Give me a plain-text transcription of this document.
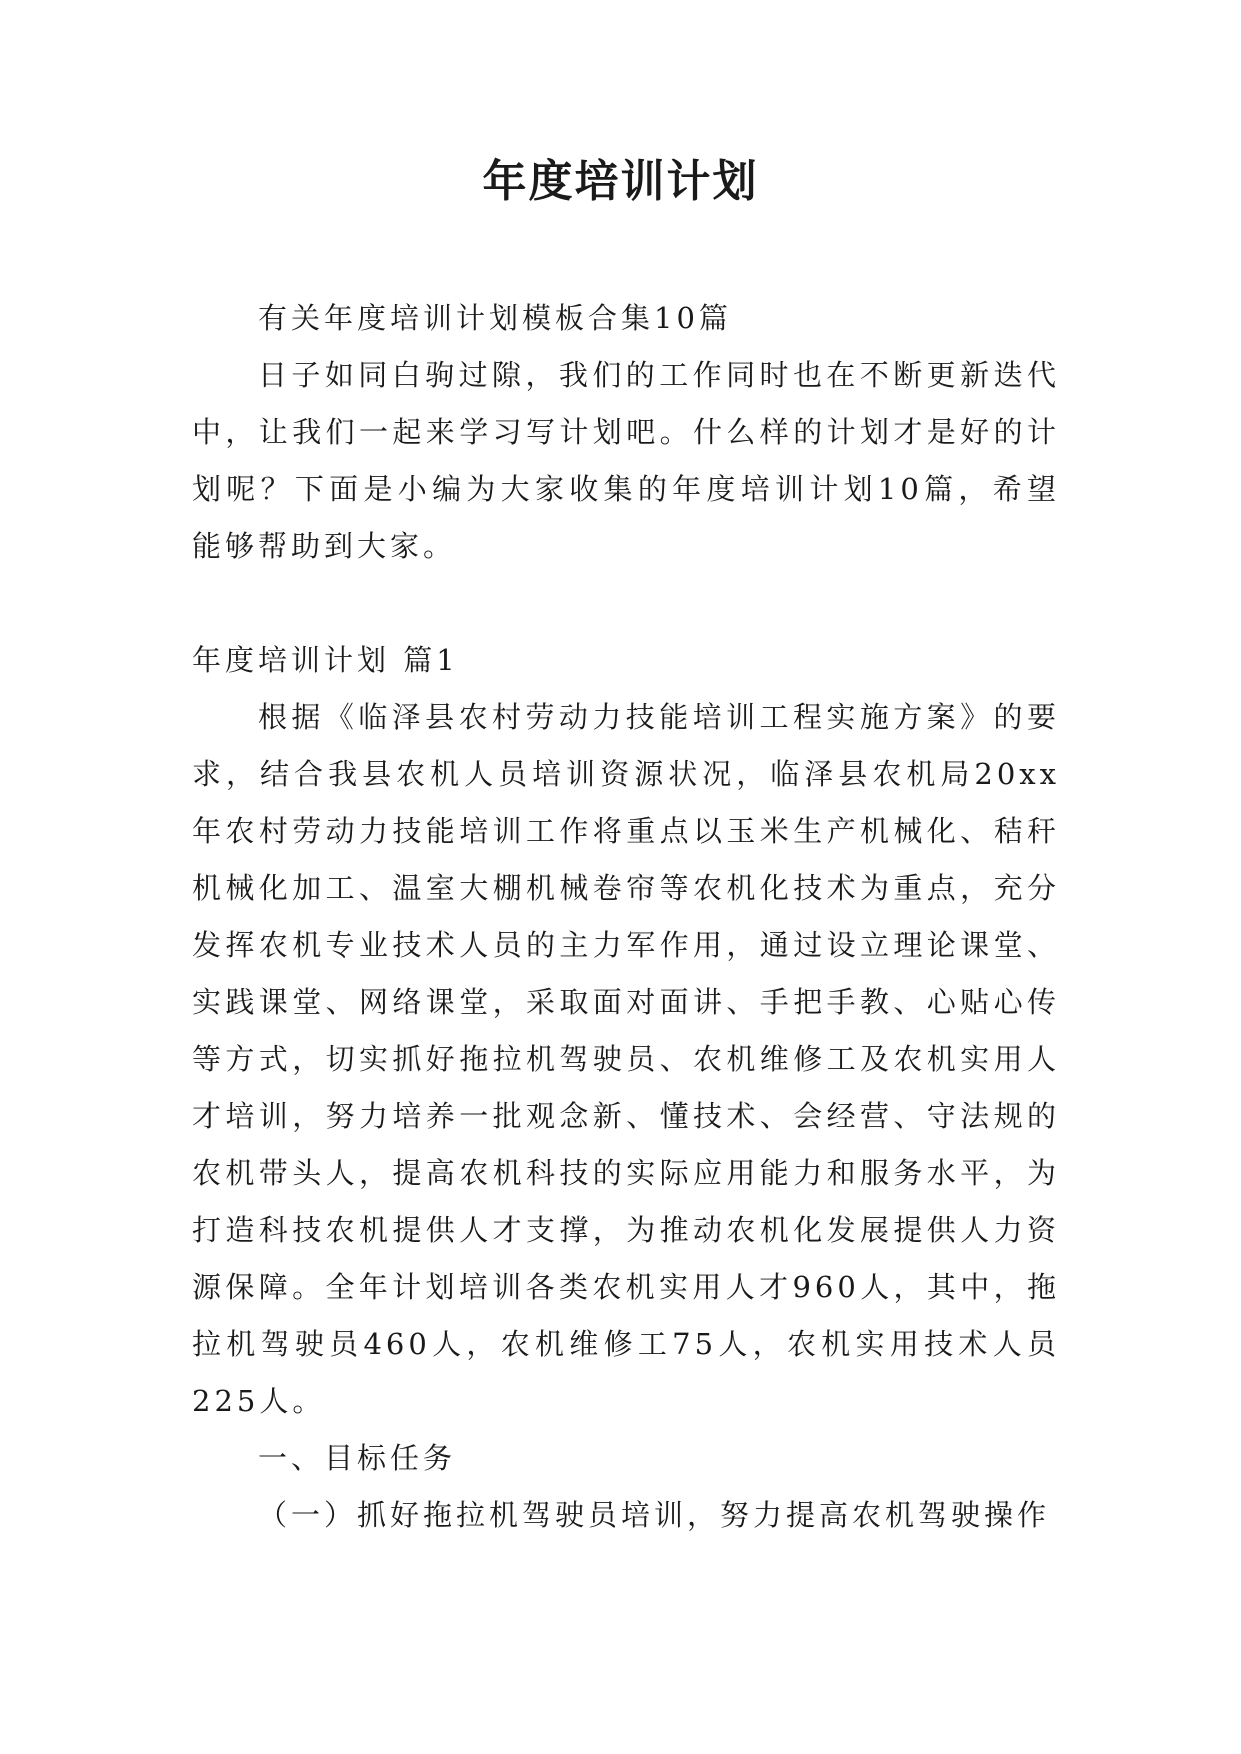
年度培训计划

有关年度培训计划模板合集10篇

日子如同白驹过隙，我们的工作同时也在不断更新迭代中，让我们一起来学习写计划吧。什么样的计划才是好的计划呢？下面是小编为大家收集的年度培训计划10篇，希望能够帮助到大家。

年度培训计划 篇1

根据《临泽县农村劳动力技能培训工程实施方案》的要求，结合我县农机人员培训资源状况，临泽县农机局20xx年农村劳动力技能培训工作将重点以玉米生产机械化、秸秆机械化加工、温室大棚机械卷帘等农机化技术为重点，充分发挥农机专业技术人员的主力军作用，通过设立理论课堂、实践课堂、网络课堂，采取面对面讲、手把手教、心贴心传等方式，切实抓好拖拉机驾驶员、农机维修工及农机实用人才培训，努力培养一批观念新、懂技术、会经营、守法规的农机带头人，提高农机科技的实际应用能力和服务水平，为打造科技农机提供人才支撑，为推动农机化发展提供人力资源保障。全年计划培训各类农机实用人才960人，其中，拖拉机驾驶员460人，农机维修工75人，农机实用技术人员225人。

一、目标任务

（一）抓好拖拉机驾驶员培训，努力提高农机驾驶操作
